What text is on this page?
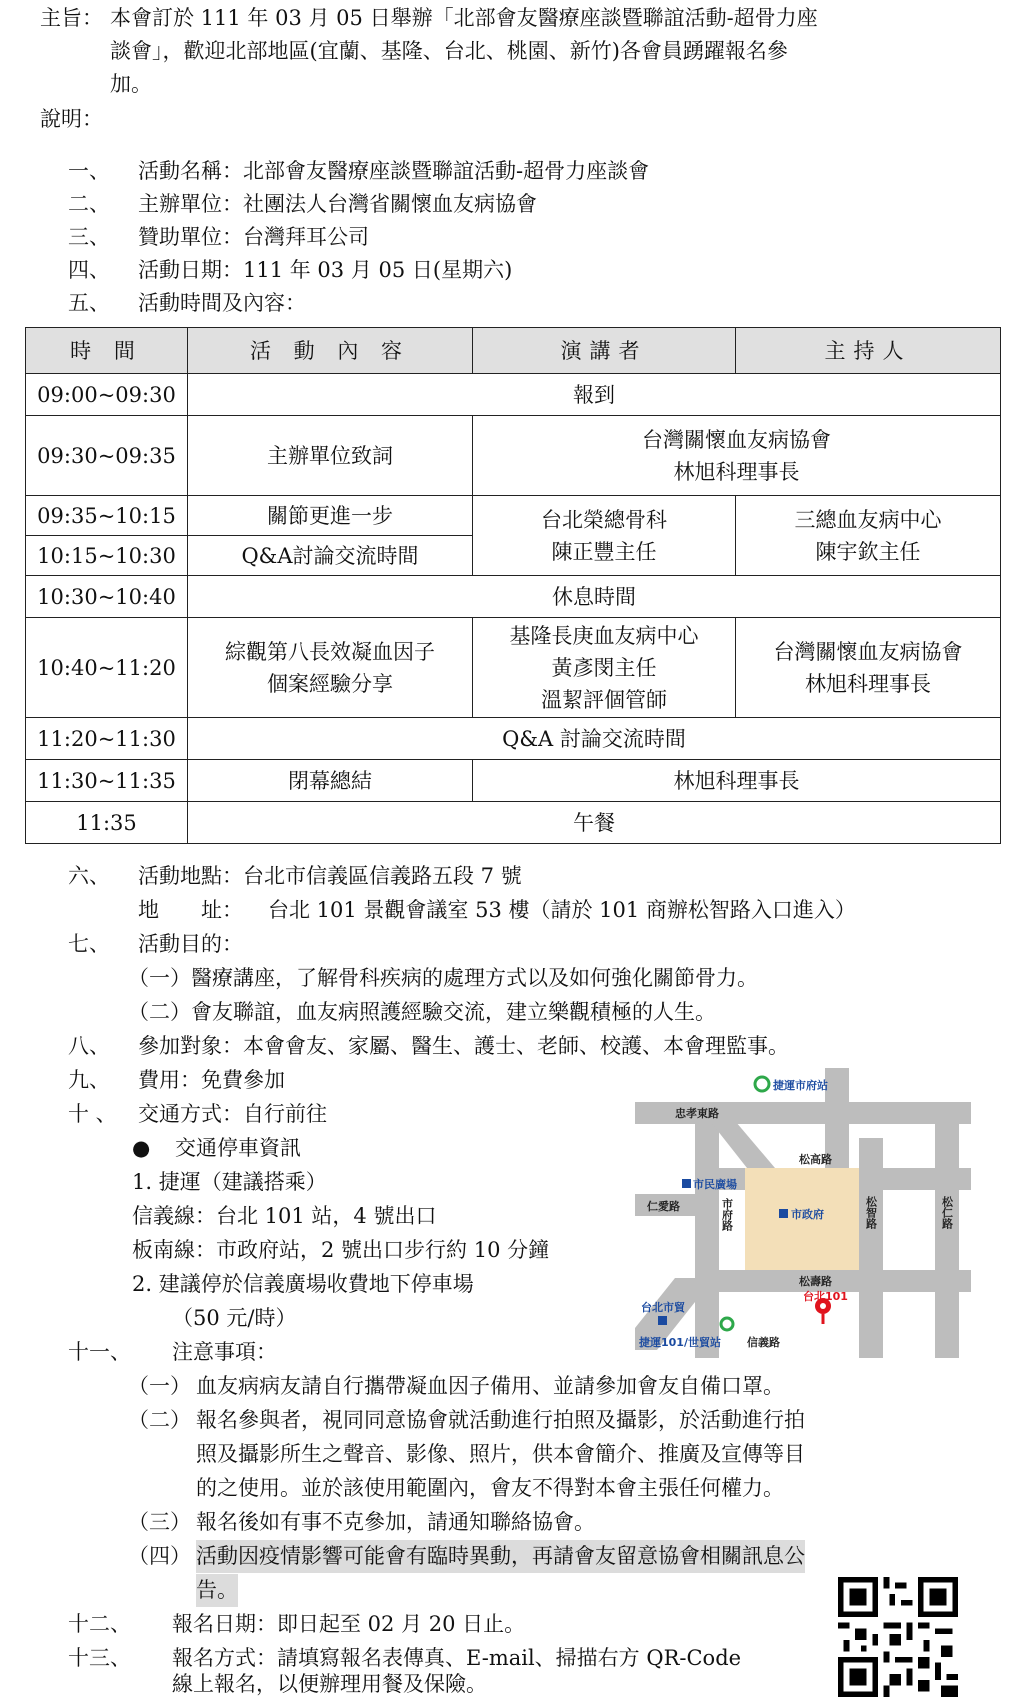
主旨： 本會訂於 111 年 03 月 05 日舉辦「北部會友醫療座談暨聯誼活動-超骨力座
談會」，歡迎北部地區(宜蘭、基隆、台北、桃園、新竹)各會員踴躍報名參
加。
說明：
一、 活動名稱：北部會友醫療座談暨聯誼活動-超骨力座談會
二、 主辦單位：社團法人台灣省關懷血友病協會
三、 贊助單位：台灣拜耳公司
四、 活動日期：111 年 03 月 05 日(星期六)
五、 活動時間及內容：
時 間	活 動 內 容	演講者	主持人
09:00~09:30	報到		
09:30~09:35	主辦單位致詞	台灣關懷血友病協會
林旭科理事長	
09:35~10:15	關節更進一步	台北榮總骨科
陳正豐主任	三總血友病中心
陳宇欽主任
10:15~10:30	Q&A討論交流時間		
10:30~10:40	休息時間		
10:40~11:20	綜觀第八長效凝血因子
個案經驗分享	基隆長庚血友病中心
黃彥閔主任
溫絜評個管師	台灣關懷血友病協會
林旭科理事長
11:20~11:30	Q&A 討論交流時間		
11:30~11:35	閉幕總結	林旭科理事長	
11:35	午餐		
六、 活動地點：台北市信義區信義路五段 7 號
地　　址： 台北 101 景觀會議室 53 樓（請於 101 商辦松智路入口進入）
七、 活動目的：
（一）醫療講座，了解骨科疾病的處理方式以及如何強化關節骨力。
（二）會友聯誼，血友病照護經驗交流，建立樂觀積極的人生。
八、 參加對象：本會會友、家屬、醫生、護士、老師、校護、本會理監事。
九、 費用：免費參加
十 、 交通方式：自行前往
● 交通停車資訊
1. 捷運（建議搭乘）
信義線：台北 101 站，4 號出口
板南線：市政府站，2 號出口步行約 10 分鐘
2. 建議停於信義廣場收費地下停車場
（50 元/時）
捷運市府站
忠孝東路
松高路
市民廣場
仁愛路
市政府
松壽路
台北101
台北市貿
捷運101/世貿站 信義路
市府路	松智路	松仁路
十一、 注意事項：
（一） 血友病病友請自行攜帶凝血因子備用、並請參加會友自備口罩。
（二） 報名參與者，視同同意協會就活動進行拍照及攝影，於活動進行拍
照及攝影所生之聲音、影像、照片，供本會簡介、推廣及宣傳等目
的之使用。並於該使用範圍內，會友不得對本會主張任何權力。
（三） 報名後如有事不克參加，請通知聯絡協會。
（四） 活動因疫情影響可能會有臨時異動，再請會友留意協會相關訊息公
告。
十二、 報名日期：即日起至 02 月 20 日止。
十三、 報名方式：請填寫報名表傳真、E-mail、掃描右方 QR-Code
線上報名，以便辦理用餐及保險。
